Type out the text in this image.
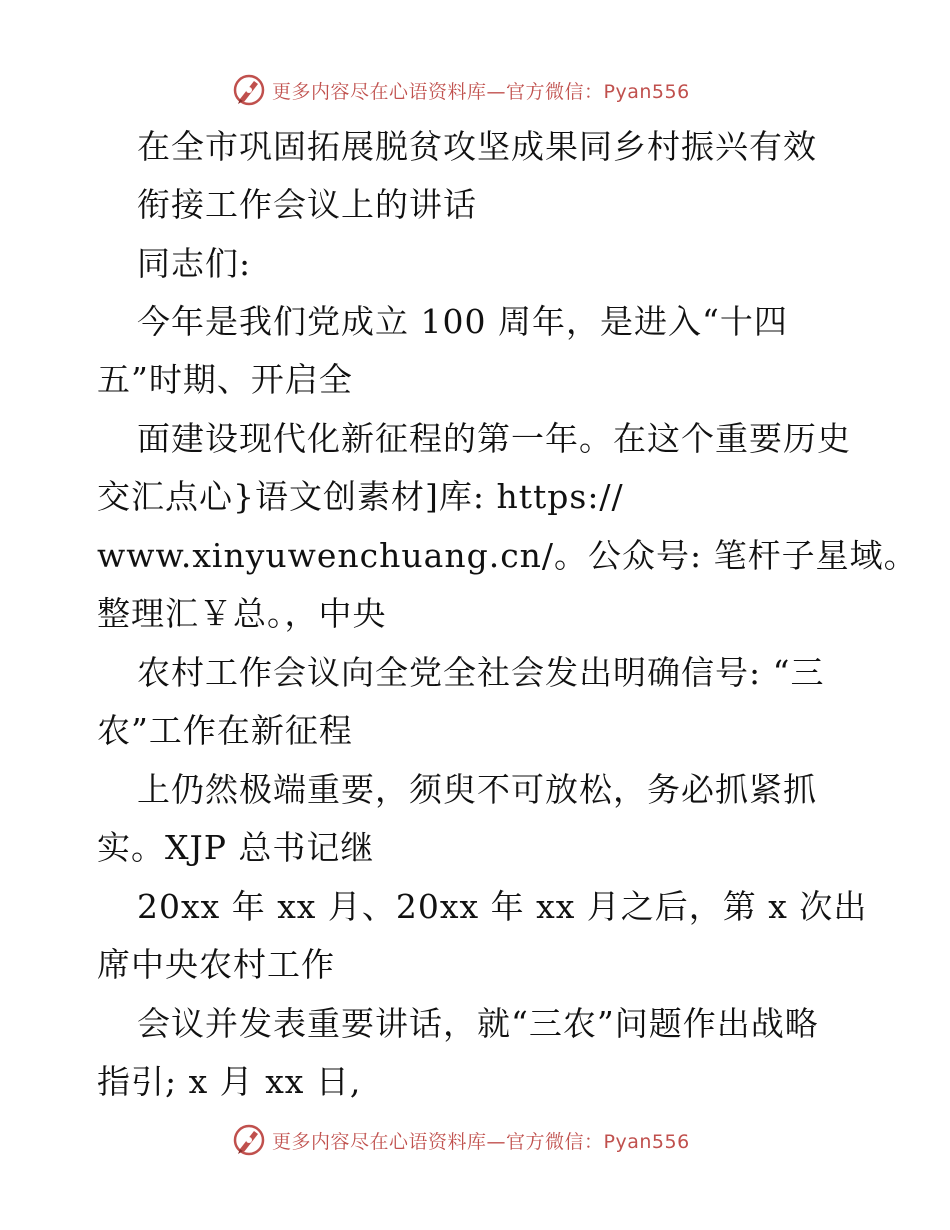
更多内容尽在心语资料库—官方微信：Pyan556
在全市巩固拓展脱贫攻坚成果同乡村振兴有效
衔接工作会议上的讲话
同志们:
今年是我们党成立 100 周年，是进入“十四
五”时期、开启全
面建设现代化新征程的第一年。在这个重要历史
交汇点心}语文创素材]库: https://
www.xinyuwenchuang.cn/。公众号: 笔杆子星域。
整理汇￥总。，中央
农村工作会议向全党全社会发出明确信号: “三
农”工作在新征程
上仍然极端重要，须臾不可放松，务必抓紧抓
实。XJP 总书记继
20xx 年 xx 月、20xx 年 xx 月之后，第 x 次出
席中央农村工作
会议并发表重要讲话，就“三农”问题作出战略
指引; x 月 xx 日,
更多内容尽在心语资料库—官方微信：Pyan556
